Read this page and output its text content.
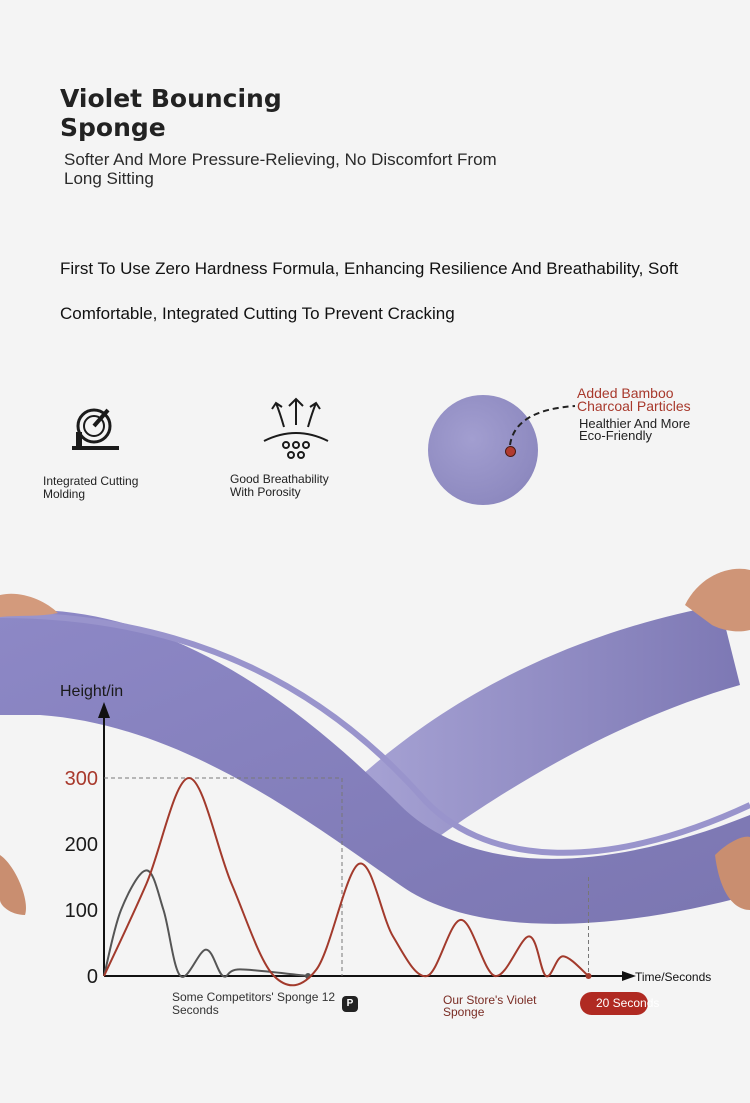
Violet Bouncing Sponge
Softer And More Pressure-Relieving, No Discomfort From Long Sitting
First To Use Zero Hardness Formula, Enhancing Resilience And Breathability, Soft Comfortable, Integrated Cutting To Prevent Cracking
Integrated Cutting Molding
Good Breathability With Porosity
Added Bamboo Charcoal Particles
Healthier And More Eco-Friendly
Height/in
Time/Seconds
0
100
200
300
Some Competitors' Sponge 12 Seconds	P	Our Store's Violet Sponge
20 Seconds
